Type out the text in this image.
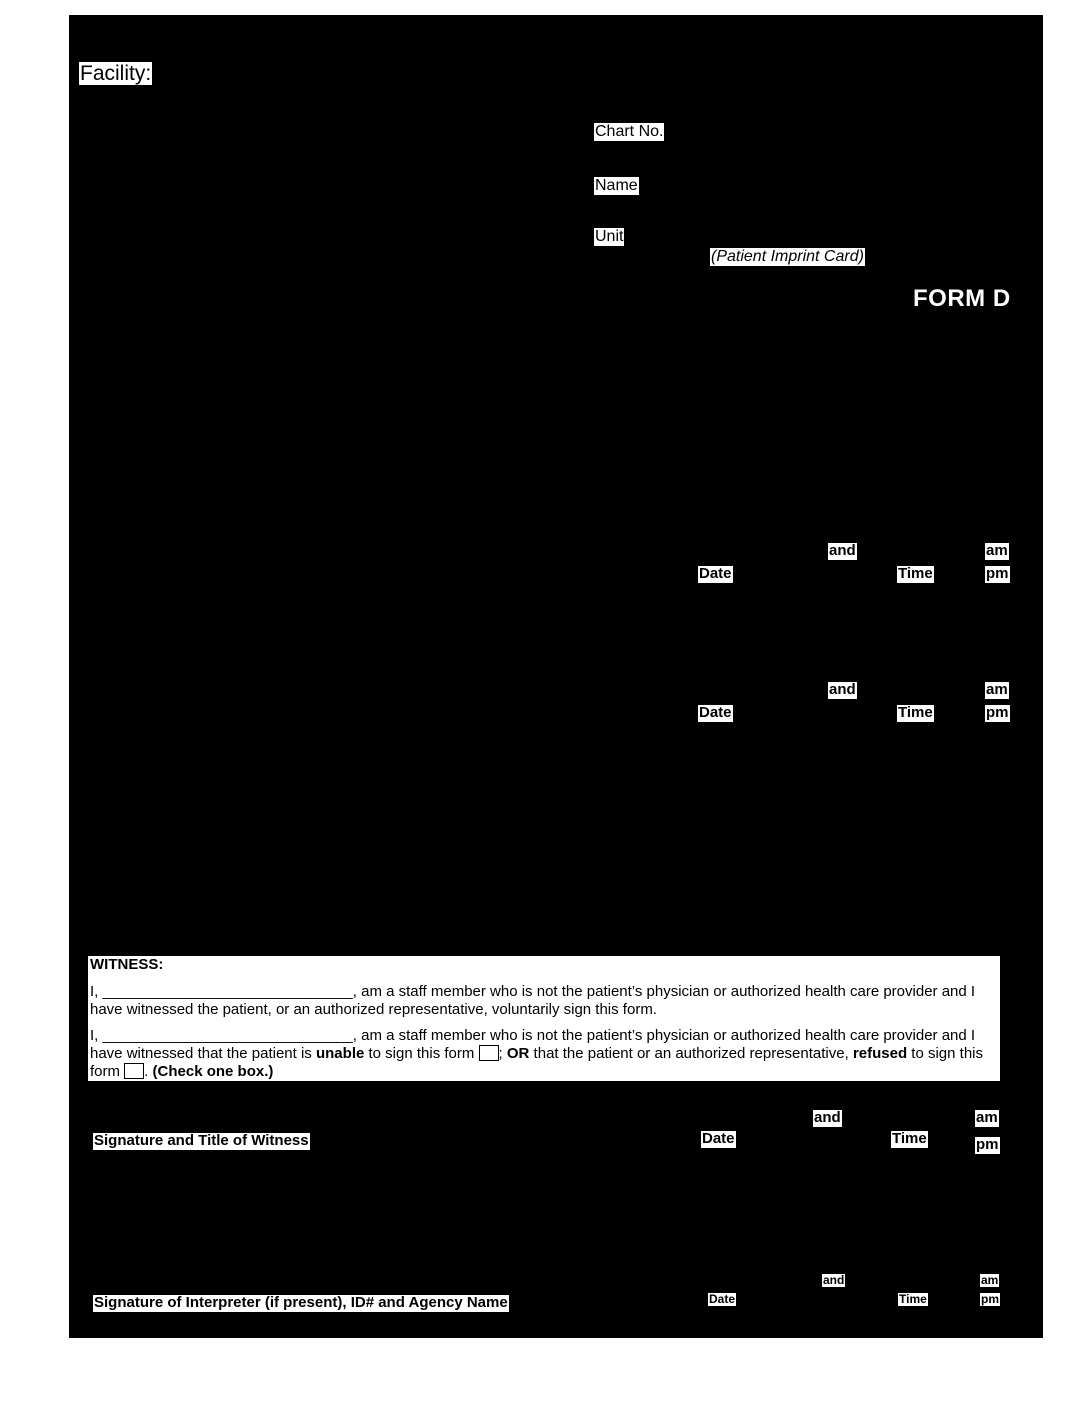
Facility:
Chart No.
Name
Unit
(Patient Imprint Card)
FORM D
and	am
Date	Time	pm
and	am
Date	Time	pm

WITNESS:

I, ______________________________, am a staff member who is not the patient’s physician or authorized health care provider and I have witnessed the patient, or an authorized representative, voluntarily sign this form.

I, ______________________________, am a staff member who is not the patient’s physician or authorized health care provider and I have witnessed that the patient is unable to sign this form ; OR that the patient or an authorized representative, refused to sign this form . (Check one box.)

and	am
Signature and Title of Witness	Date	Time	pm
and	am
Signature of Interpreter (if present), ID# and Agency Name	Date	Time	pm
